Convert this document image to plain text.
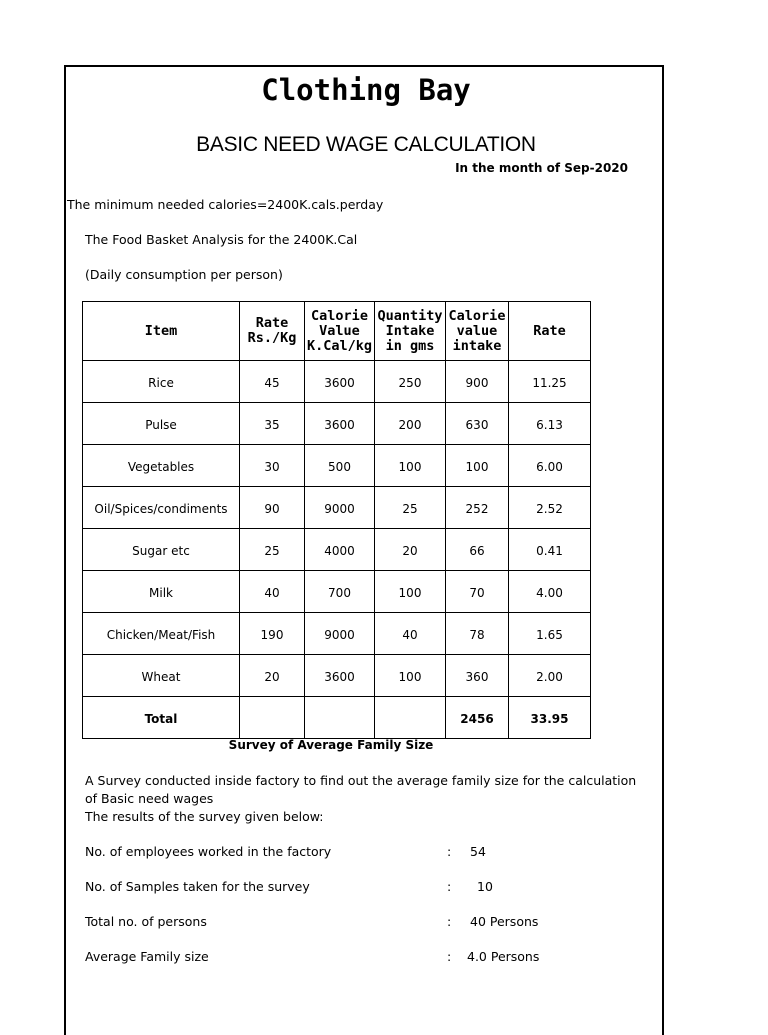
Clothing Bay
BASIC NEED WAGE CALCULATION
In the month of Sep-2020
The minimum needed calories=2400K.cals.perday
The Food Basket Analysis for the 2400K.Cal
(Daily consumption per person)
Item	Rate Rs./Kg	Calorie Value K.Cal/kg	Quantity Intake in gms	Calorie value intake	Rate
Rice	45	3600	250	900	11.25
Pulse	35	3600	200	630	6.13
Vegetables	30	500	100	100	6.00
Oil/Spices/condiments	90	9000	25	252	2.52
Sugar etc	25	4000	20	66	0.41
Milk	40	700	100	70	4.00
Chicken/Meat/Fish	190	9000	40	78	1.65
Wheat	20	3600	100	360	2.00
Total				2456	33.95
Survey of Average Family Size
A Survey conducted inside factory to find out the average family size for the calculation
of Basic need wages
The results of the survey given below:
No. of employees worked in the factory	: 54
No. of Samples taken for the survey	: 10
Total no. of persons	: 40 Persons
Average Family size	: 4.0 Persons
